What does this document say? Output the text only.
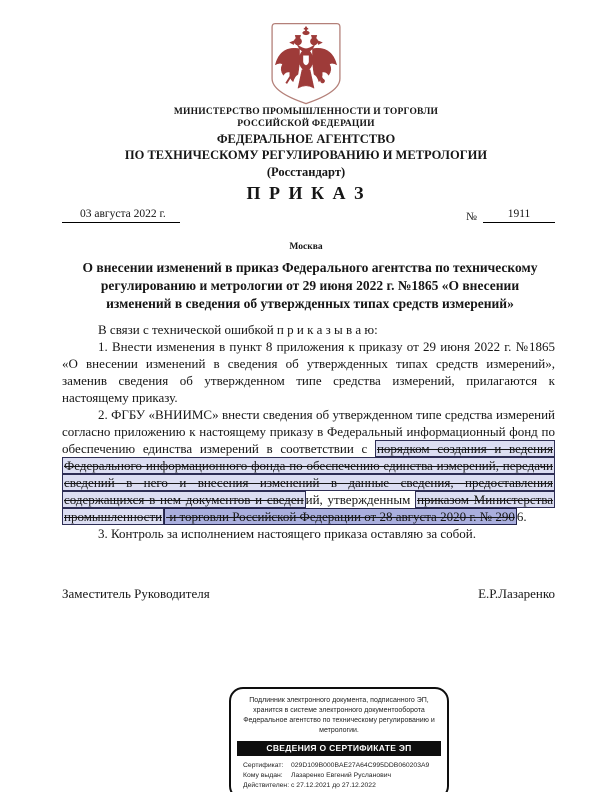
МИНИСТЕРСТВО ПРОМЫШЛЕННОСТИ И ТОРГОВЛИ
РОССИЙСКОЙ ФЕДЕРАЦИИ
ФЕДЕРАЛЬНОЕ АГЕНТСТВО
ПО ТЕХНИЧЕСКОМУ РЕГУЛИРОВАНИЮ И МЕТРОЛОГИИ
(Росстандарт)
П Р И К А З
03 августа 2022 г.	№	1911
Москва
О внесении изменений в приказ Федерального агентства по техническому регулированию и метрологии от 29 июня 2022 г. №1865 «О внесении изменений в сведения об утвержденных типах средств измерений»

В связи с технической ошибкой п р и к а з ы в а ю:

1. Внести изменения в пункт 8 приложения к приказу от 29 июня 2022 г. №1865 «О внесении изменений в сведения об утвержденных типах средств измерений», заменив сведения об утвержденном типе средства измерений, прилагаются к настоящему приказу.

2. ФГБУ «ВНИИМС» внести сведения об утвержденном типе средства измерений согласно приложению к настоящему приказу в Федеральный информационный фонд по обеспечению единства измерений в соответствии с порядком создания и ведения Федерального информационного фонда по обеспечению единства измерений, передачи сведений в него и внесения изменений в данные сведения, предоставления содержащихся в нем документов и сведен ий, утвержденным приказом Министерства промышленности и торговли Российской Федерации от 28 августа 2020 г. № 290 6.

3. Контроль за исполнением настоящего приказа оставляю за собой.

Заместитель Руководителя	Е.Р.Лазаренко
Подлинник электронного документа, подписанного ЭП,
хранится в системе электронного документооборота
Федеральное агентство по техническому регулированию и
метрологии.
СВЕДЕНИЯ О СЕРТИФИКАТЕ ЭП
Сертификат: 029D109B000BAE27A64C995DDB060203A9
Кому выдан: Лазаренко Евгений Русланович
Действителен: с 27.12.2021 до 27.12.2022
